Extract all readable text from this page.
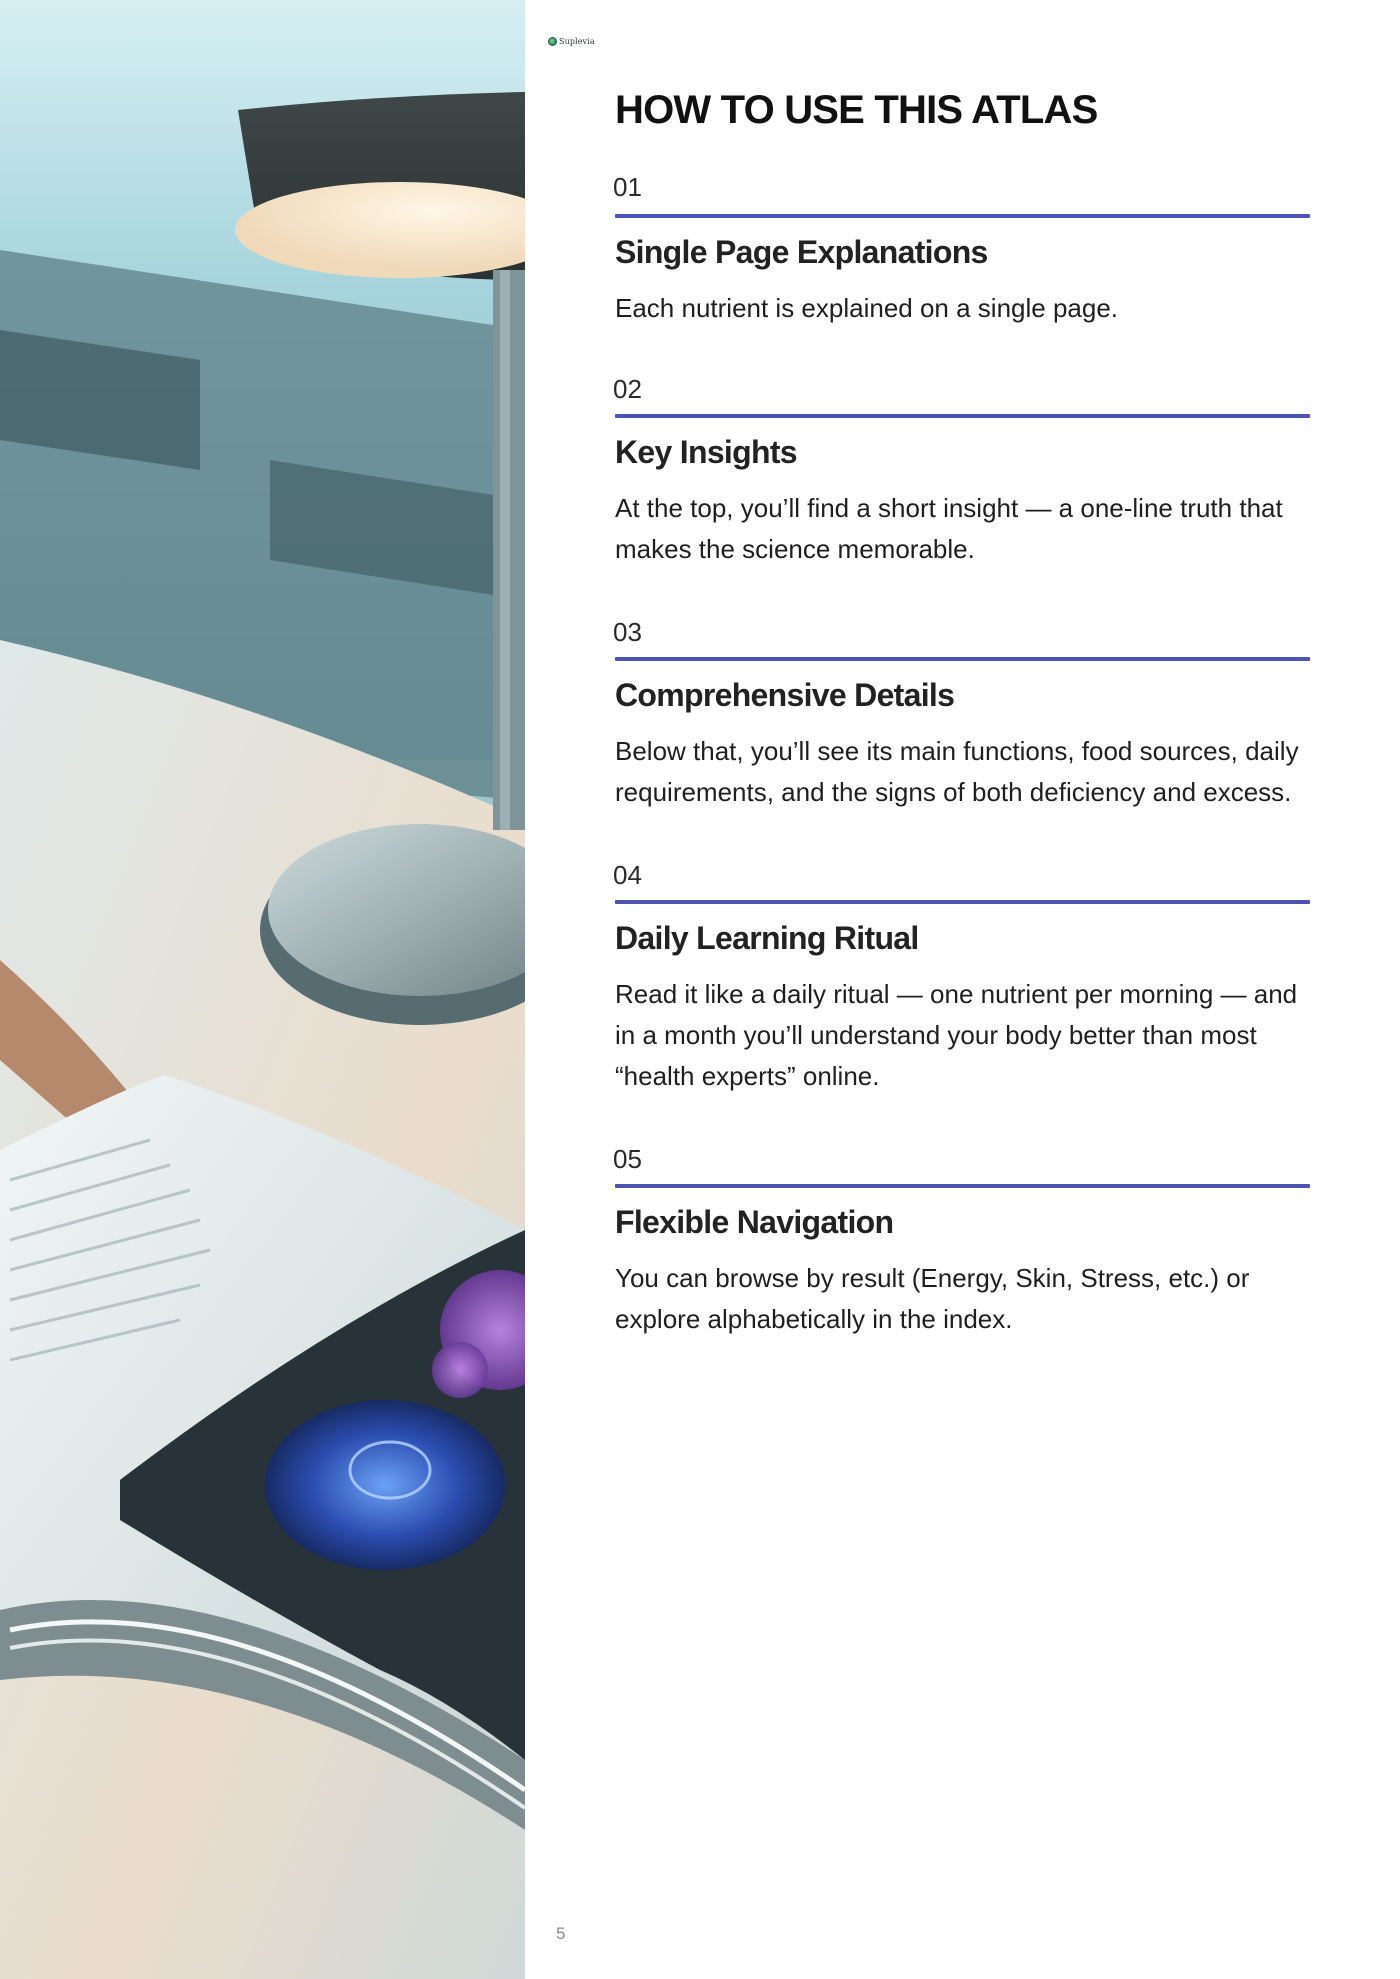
Suplevia
HOW TO USE THIS ATLAS
01
Single Page Explanations

Each nutrient is explained on a single page.

02
Key Insights

At the top, you’ll find a short insight — a one-line truth that makes the science memorable.

03
Comprehensive Details

Below that, you’ll see its main functions, food sources, daily requirements, and the signs of both deficiency and excess.

04
Daily Learning Ritual

Read it like a daily ritual — one nutrient per morning — and in a month you’ll understand your body better than most “health experts” online.

05
Flexible Navigation

You can browse by result (Energy, Skin, Stress, etc.) or explore alphabetically in the index.

5
